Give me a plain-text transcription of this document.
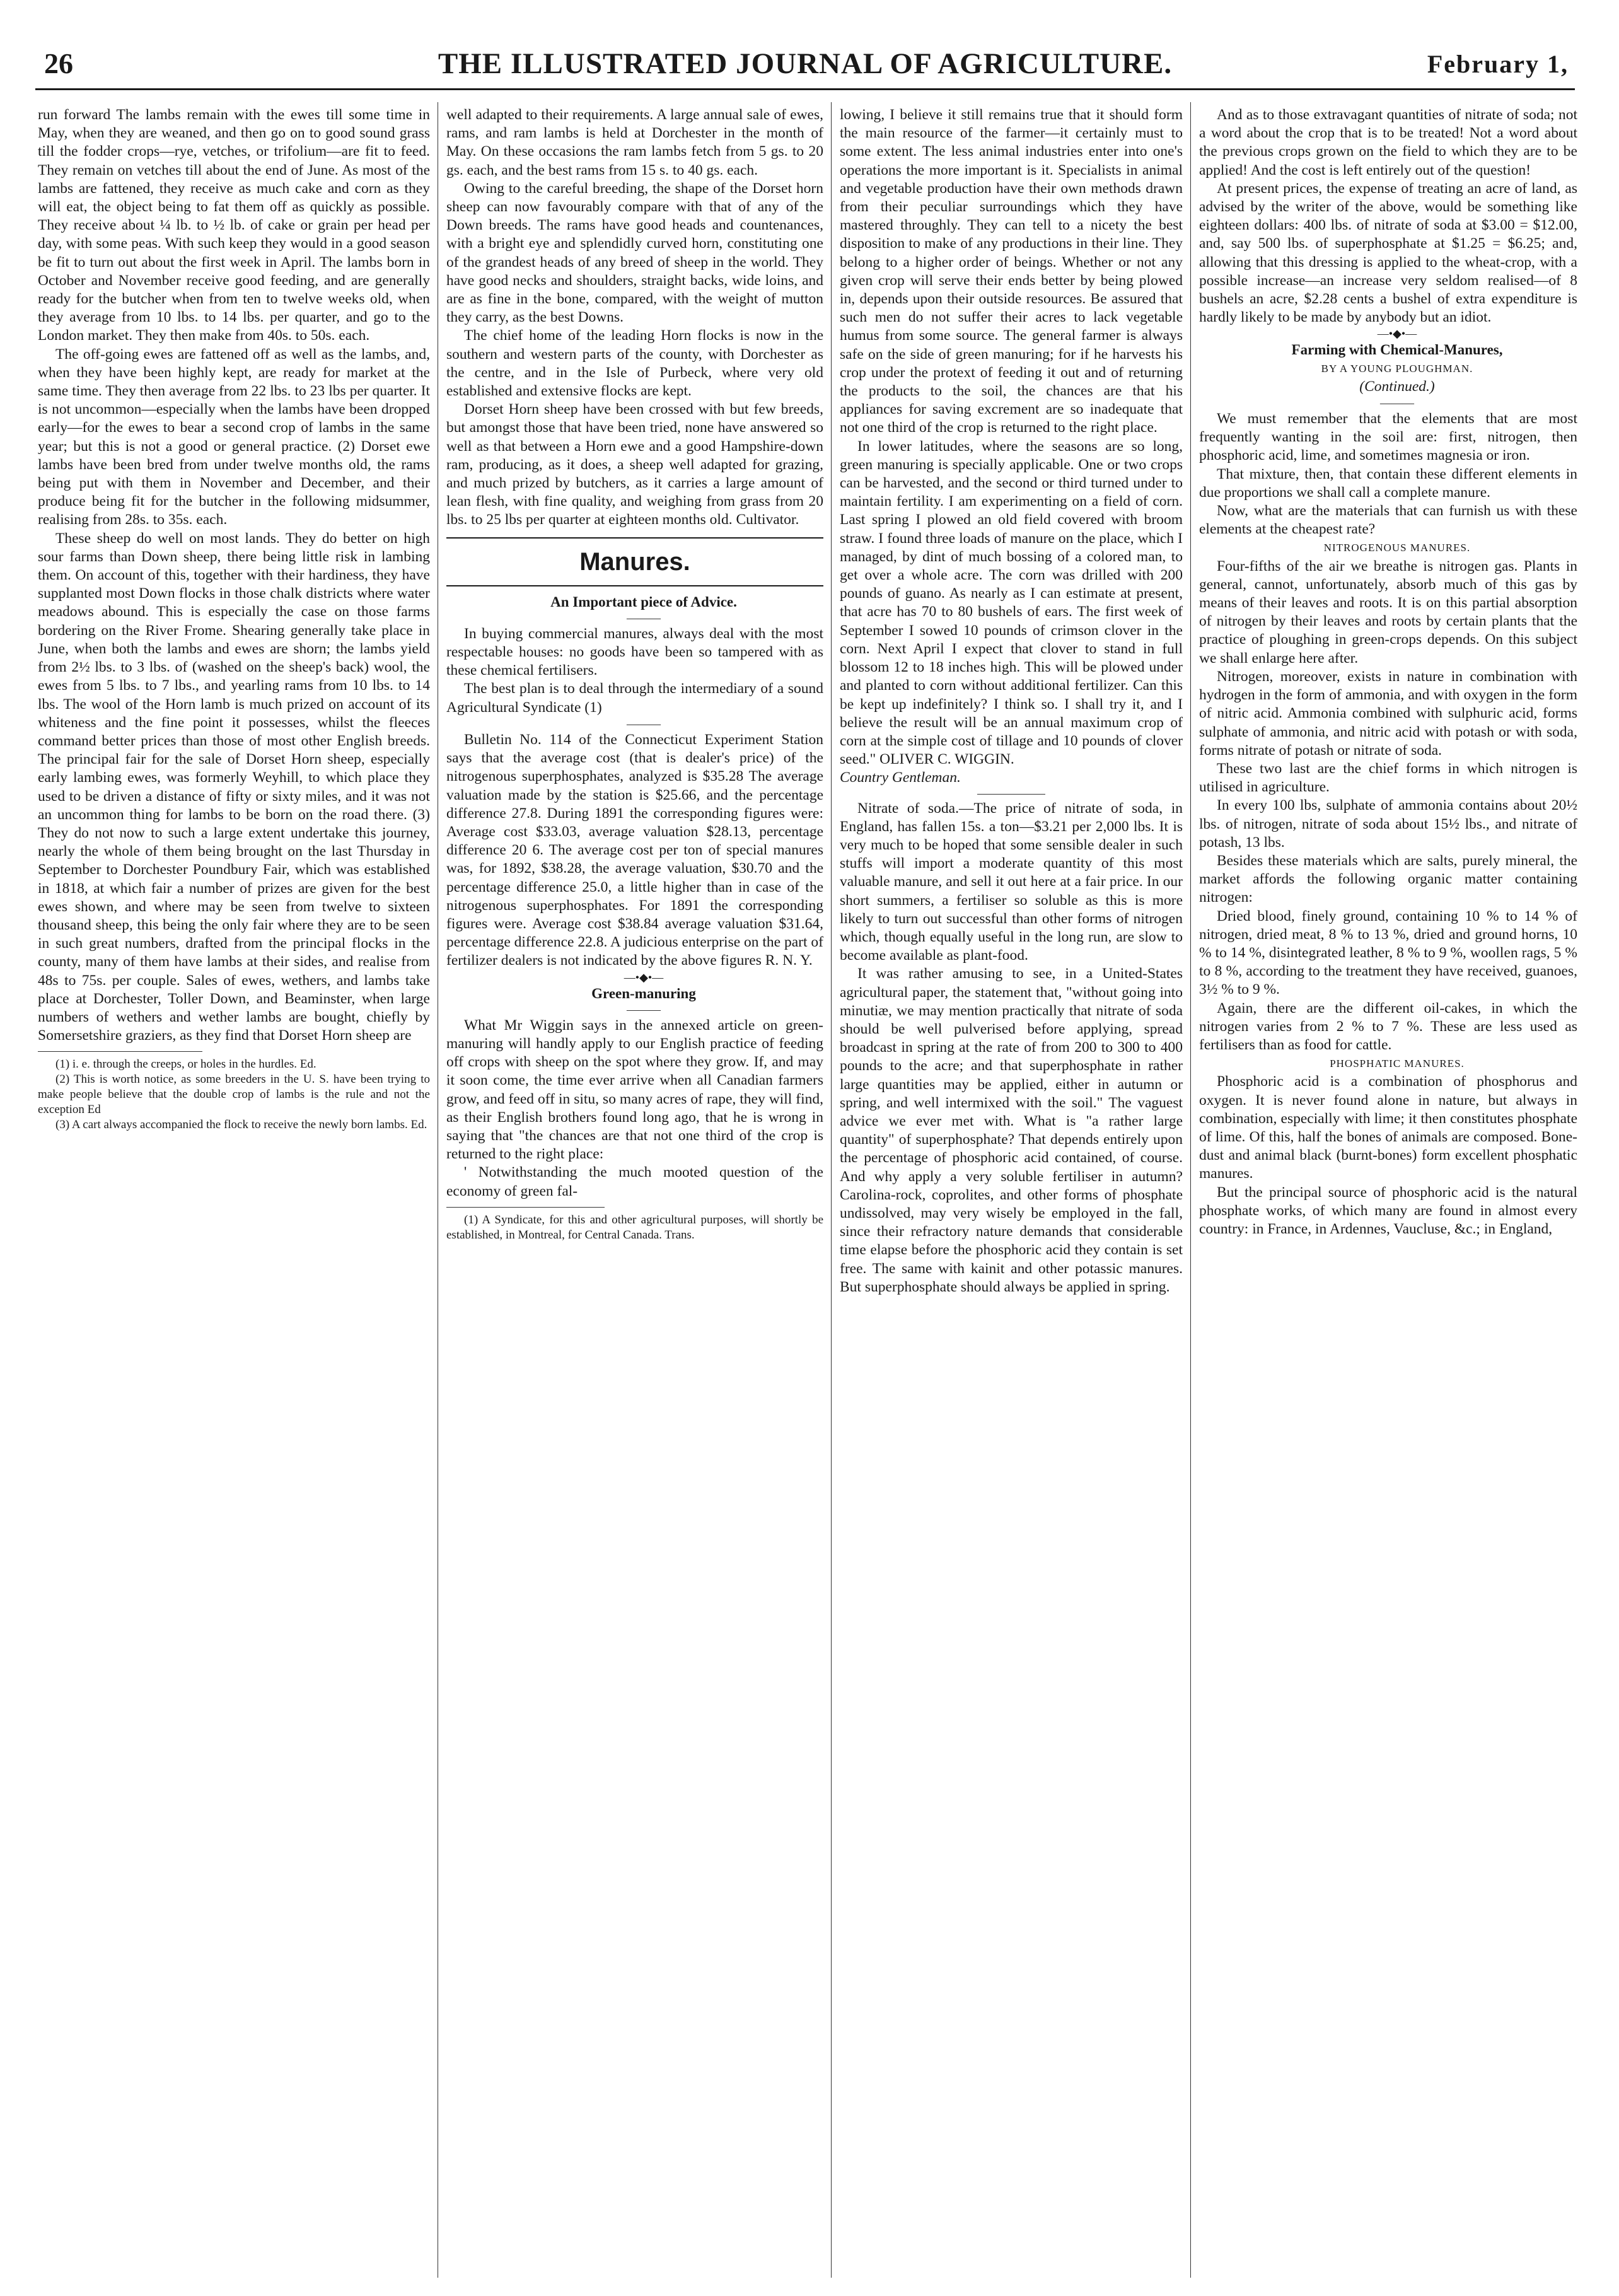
26	THE ILLUSTRATED JOURNAL OF AGRICULTURE.	February 1,

run forward The lambs remain with the ewes till some time in May, when they are weaned, and then go on to good sound grass till the fodder crops—rye, vetches, or trifolium—are fit to feed. They remain on vetches till about the end of June. As most of the lambs are fattened, they receive as much cake and corn as they will eat, the object being to fat them off as quickly as possible. They receive about ¼ lb. to ½ lb. of cake or grain per head per day, with some peas. With such keep they would in a good season be fit to turn out about the first week in April. The lambs born in October and November receive good feeding, and are generally ready for the butcher when from ten to twelve weeks old, when they average from 10 lbs. to 14 lbs. per quarter, and go to the London market. They then make from 40s. to 50s. each.

The off-going ewes are fattened off as well as the lambs, and, when they have been highly kept, are ready for market at the same time. They then average from 22 lbs. to 23 lbs per quarter. It is not uncommon—especially when the lambs have been dropped early—for the ewes to bear a second crop of lambs in the same year; but this is not a good or general practice. (2) Dorset ewe lambs have been bred from under twelve months old, the rams being put with them in November and December, and their produce being fit for the butcher in the following midsummer, realising from 28s. to 35s. each.

These sheep do well on most lands. They do better on high sour farms than Down sheep, there being little risk in lambing them. On account of this, together with their hardiness, they have supplanted most Down flocks in those chalk districts where water meadows abound. This is especially the case on those farms bordering on the River Frome. Shearing generally take place in June, when both the lambs and ewes are shorn; the lambs yield from 2½ lbs. to 3 lbs. of (washed on the sheep's back) wool, the ewes from 5 lbs. to 7 lbs., and yearling rams from 10 lbs. to 14 lbs. The wool of the Horn lamb is much prized on account of its whiteness and the fine point it possesses, whilst the fleeces command better prices than those of most other English breeds. The principal fair for the sale of Dorset Horn sheep, especially early lambing ewes, was formerly Weyhill, to which place they used to be driven a distance of fifty or sixty miles, and it was not an uncommon thing for lambs to be born on the road there. (3) They do not now to such a large extent undertake this journey, nearly the whole of them being brought on the last Thursday in September to Dorchester Poundbury Fair, which was established in 1818, at which fair a number of prizes are given for the best ewes shown, and where may be seen from twelve to sixteen thousand sheep, this being the only fair where they are to be seen in such great numbers, drafted from the principal flocks in the county, many of them have lambs at their sides, and realise from 48s to 75s. per couple. Sales of ewes, wethers, and lambs take place at Dorchester, Toller Down, and Beaminster, when large numbers of wethers and wether lambs are bought, chiefly by Somersetshire graziers, as they find that Dorset Horn sheep are

(1) i. e. through the creeps, or holes in the hurdles. Ed.

(2) This is worth notice, as some breeders in the U. S. have been trying to make people believe that the double crop of lambs is the rule and not the exception Ed

(3) A cart always accompanied the flock to receive the newly born lambs. Ed.

well adapted to their requirements. A large annual sale of ewes, rams, and ram lambs is held at Dorchester in the month of May. On these occasions the ram lambs fetch from 5 gs. to 20 gs. each, and the best rams from 15 s. to 40 gs. each.

Owing to the careful breeding, the shape of the Dorset horn sheep can now favourably compare with that of any of the Down breeds. The rams have good heads and countenances, with a bright eye and splendidly curved horn, constituting one of the grandest heads of any breed of sheep in the world. They have good necks and shoulders, straight backs, wide loins, and are as fine in the bone, compared, with the weight of mutton they carry, as the best Downs.

The chief home of the leading Horn flocks is now in the southern and western parts of the county, with Dorchester as the centre, and in the Isle of Purbeck, where very old established and extensive flocks are kept.

Dorset Horn sheep have been crossed with but few breeds, but amongst those that have been tried, none have answered so well as that between a Horn ewe and a good Hampshire-down ram, producing, as it does, a sheep well adapted for grazing, and much prized by butchers, as it carries a large amount of lean flesh, with fine quality, and weighing from grass from 20 lbs. to 25 lbs per quarter at eighteen months old. Cultivator.

Manures.

An Important piece of Advice.

———

In buying commercial manures, always deal with the most respectable houses: no goods have been so tampered with as these chemical fertilisers.

The best plan is to deal through the intermediary of a sound Agricultural Syndicate (1)

———

Bulletin No. 114 of the Connecticut Experiment Station says that the average cost (that is dealer's price) of the nitrogenous superphosphates, analyzed is $35.28 The average valuation made by the station is $25.66, and the percentage difference 27.8. During 1891 the corresponding figures were: Average cost $33.03, average valuation $28.13, percentage difference 20 6. The average cost per ton of special manures was, for 1892, $38.28, the average valuation, $30.70 and the percentage difference 25.0, a little higher than in case of the nitrogenous superphosphates. For 1891 the corresponding figures were. Average cost $38.84 average valuation $31.64, percentage difference 22.8. A judicious enterprise on the part of fertilizer dealers is not indicated by the above figures R. N. Y.

—•◆•—

Green-manuring

———

What Mr Wiggin says in the annexed article on green-manuring will handly apply to our English practice of feeding off crops with sheep on the spot where they grow. If, and may it soon come, the time ever arrive when all Canadian farmers grow, and feed off in situ, so many acres of rape, they will find, as their English brothers found long ago, that he is wrong in saying that "the chances are that not one third of the crop is returned to the right place:

' Notwithstanding the much mooted question of the economy of green fal-

(1) A Syndicate, for this and other agricultural purposes, will shortly be established, in Montreal, for Central Canada. Trans.

lowing, I believe it still remains true that it should form the main resource of the farmer—it certainly must to some extent. The less animal industries enter into one's operations the more important is it. Specialists in animal and vegetable production have their own methods drawn from their peculiar surroundings which they have mastered throughly. They can tell to a nicety the best disposition to make of any productions in their line. They belong to a higher order of beings. Whether or not any given crop will serve their ends better by being plowed in, depends upon their outside resources. Be assured that such men do not suffer their acres to lack vegetable humus from some source. The general farmer is always safe on the side of green manuring; for if he harvests his crop under the protext of feeding it out and of returning the products to the soil, the chances are that his appliances for saving excrement are so inadequate that not one third of the crop is returned to the right place.

In lower latitudes, where the seasons are so long, green manuring is specially applicable. One or two crops can be harvested, and the second or third turned under to maintain fertility. I am experimenting on a field of corn. Last spring I plowed an old field covered with broom straw. I found three loads of manure on the place, which I managed, by dint of much bossing of a colored man, to get over a whole acre. The corn was drilled with 200 pounds of guano. As nearly as I can estimate at present, that acre has 70 to 80 bushels of ears. The first week of September I sowed 10 pounds of crimson clover in the corn. Next April I expect that clover to stand in full blossom 12 to 18 inches high. This will be plowed under and planted to corn without additional fertilizer. Can this be kept up indefinitely? I think so. I shall try it, and I believe the result will be an annual maximum crop of corn at the simple cost of tillage and 10 pounds of clover seed." OLIVER C. WIGGIN.

Country Gentleman.

Nitrate of soda.—The price of nitrate of soda, in England, has fallen 15s. a ton—$3.21 per 2,000 lbs. It is very much to be hoped that some sensible dealer in such stuffs will import a moderate quantity of this most valuable manure, and sell it out here at a fair price. In our short summers, a fertiliser so soluble as this is more likely to turn out successful than other forms of nitrogen which, though equally useful in the long run, are slow to become available as plant-food.

It was rather amusing to see, in a United-States agricultural paper, the statement that, "without going into minutiæ, we may mention practically that nitrate of soda should be well pulverised before applying, spread broadcast in spring at the rate of from 200 to 300 to 400 pounds to the acre; and that superphosphate in rather large quantities may be applied, either in autumn or spring, and well intermixed with the soil." The vaguest advice we ever met with. What is "a rather large quantity" of superphosphate? That depends entirely upon the percentage of phosphoric acid contained, of course. And why apply a very soluble fertiliser in autumn? Carolina-rock, coprolites, and other forms of phosphate undissolved, may very wisely be employed in the fall, since their refractory nature demands that considerable time elapse before the phosphoric acid they contain is set free. The same with kainit and other potassic manures. But superphosphate should always be applied in spring.

And as to those extravagant quantities of nitrate of soda; not a word about the crop that is to be treated! Not a word about the previous crops grown on the field to which they are to be applied! And the cost is left entirely out of the question!

At present prices, the expense of treating an acre of land, as advised by the writer of the above, would be something like eighteen dollars: 400 lbs. of nitrate of soda at $3.00 = $12.00, and, say 500 lbs. of superphosphate at $1.25 = $6.25; and, allowing that this dressing is applied to the wheat-crop, with a possible increase—an increase very seldom realised—of 8 bushels an acre, $2.28 cents a bushel of extra expenditure is hardly likely to be made by anybody but an idiot.

—•◆•—

Farming with Chemical-Manures,

BY A YOUNG PLOUGHMAN.

(Continued.)

———

We must remember that the elements that are most frequently wanting in the soil are: first, nitrogen, then phosphoric acid, lime, and sometimes magnesia or iron.

That mixture, then, that contain these different elements in due proportions we shall call a complete manure.

Now, what are the materials that can furnish us with these elements at the cheapest rate?

NITROGENOUS MANURES.

Four-fifths of the air we breathe is nitrogen gas. Plants in general, cannot, unfortunately, absorb much of this gas by means of their leaves and roots. It is on this partial absorption of nitrogen by their leaves and roots by certain plants that the practice of ploughing in green-crops depends. On this subject we shall enlarge here after.

Nitrogen, moreover, exists in nature in combination with hydrogen in the form of ammonia, and with oxygen in the form of nitric acid. Ammonia combined with sulphuric acid, forms sulphate of ammonia, and nitric acid with potash or with soda, forms nitrate of potash or nitrate of soda.

These two last are the chief forms in which nitrogen is utilised in agriculture.

In every 100 lbs, sulphate of ammonia contains about 20½ lbs. of nitrogen, nitrate of soda about 15½ lbs., and nitrate of potash, 13 lbs.

Besides these materials which are salts, purely mineral, the market affords the following organic matter containing nitrogen:

Dried blood, finely ground, containing 10 % to 14 % of nitrogen, dried meat, 8 % to 13 %, dried and ground horns, 10 % to 14 %, disintegrated leather, 8 % to 9 %, woollen rags, 5 % to 8 %, according to the treatment they have received, guanoes, 3½ % to 9 %.

Again, there are the different oil-cakes, in which the nitrogen varies from 2 % to 7 %. These are less used as fertilisers than as food for cattle.

PHOSPHATIC MANURES.

Phosphoric acid is a combination of phosphorus and oxygen. It is never found alone in nature, but always in combination, especially with lime; it then constitutes phosphate of lime. Of this, half the bones of animals are composed. Bone-dust and animal black (burnt-bones) form excellent phosphatic manures.

But the principal source of phosphoric acid is the natural phosphate works, of which many are found in almost every country: in France, in Ardennes, Vaucluse, &c.; in England,
